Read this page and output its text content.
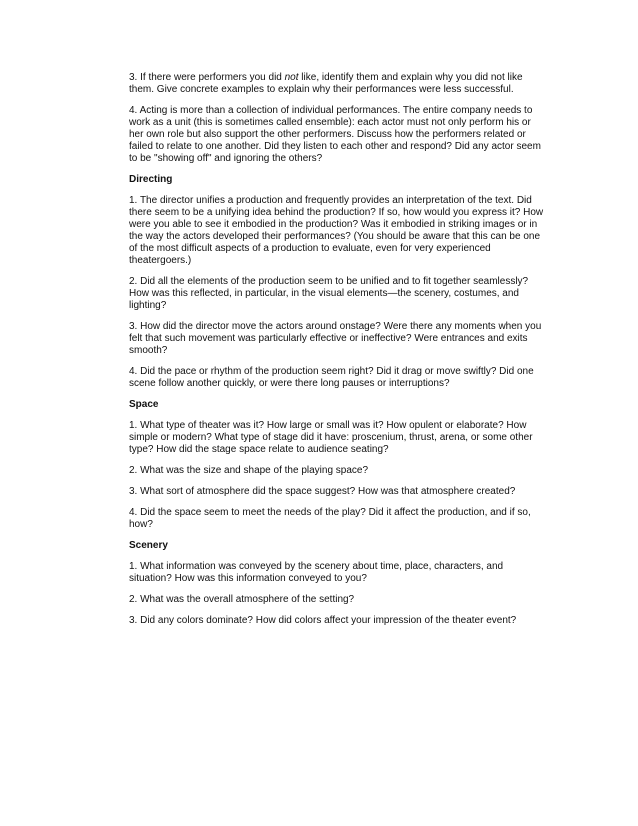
3. If there were performers you did not like, identify them and explain why you did not like them. Give concrete examples to explain why their performances were less successful.

4. Acting is more than a collection of individual performances. The entire company needs to work as a unit (this is sometimes called ensemble): each actor must not only perform his or her own role but also support the other performers. Discuss how the performers related or failed to relate to one another. Did they listen to each other and respond? Did any actor seem to be "showing off" and ignoring the others?

Directing

1. The director unifies a production and frequently provides an interpretation of the text. Did there seem to be a unifying idea behind the production? If so, how would you express it? How were you able to see it embodied in the production? Was it embodied in striking images or in the way the actors developed their performances? (You should be aware that this can be one of the most difficult aspects of a production to evaluate, even for very experienced theatergoers.)

2. Did all the elements of the production seem to be unified and to fit together seamlessly? How was this reflected, in particular, in the visual elements—the scenery, costumes, and lighting?

3. How did the director move the actors around onstage? Were there any moments when you felt that such movement was particularly effective or ineffective? Were entrances and exits smooth?

4. Did the pace or rhythm of the production seem right? Did it drag or move swiftly? Did one scene follow another quickly, or were there long pauses or interruptions?

Space

1. What type of theater was it? How large or small was it? How opulent or elaborate? How simple or modern? What type of stage did it have: proscenium, thrust, arena, or some other type? How did the stage space relate to audience seating?

2. What was the size and shape of the playing space?

3. What sort of atmosphere did the space suggest? How was that atmosphere created?

4. Did the space seem to meet the needs of the play? Did it affect the production, and if so, how?

Scenery

1. What information was conveyed by the scenery about time, place, characters, and situation? How was this information conveyed to you?

2. What was the overall atmosphere of the setting?

3. Did any colors dominate? How did colors affect your impression of the theater event?
